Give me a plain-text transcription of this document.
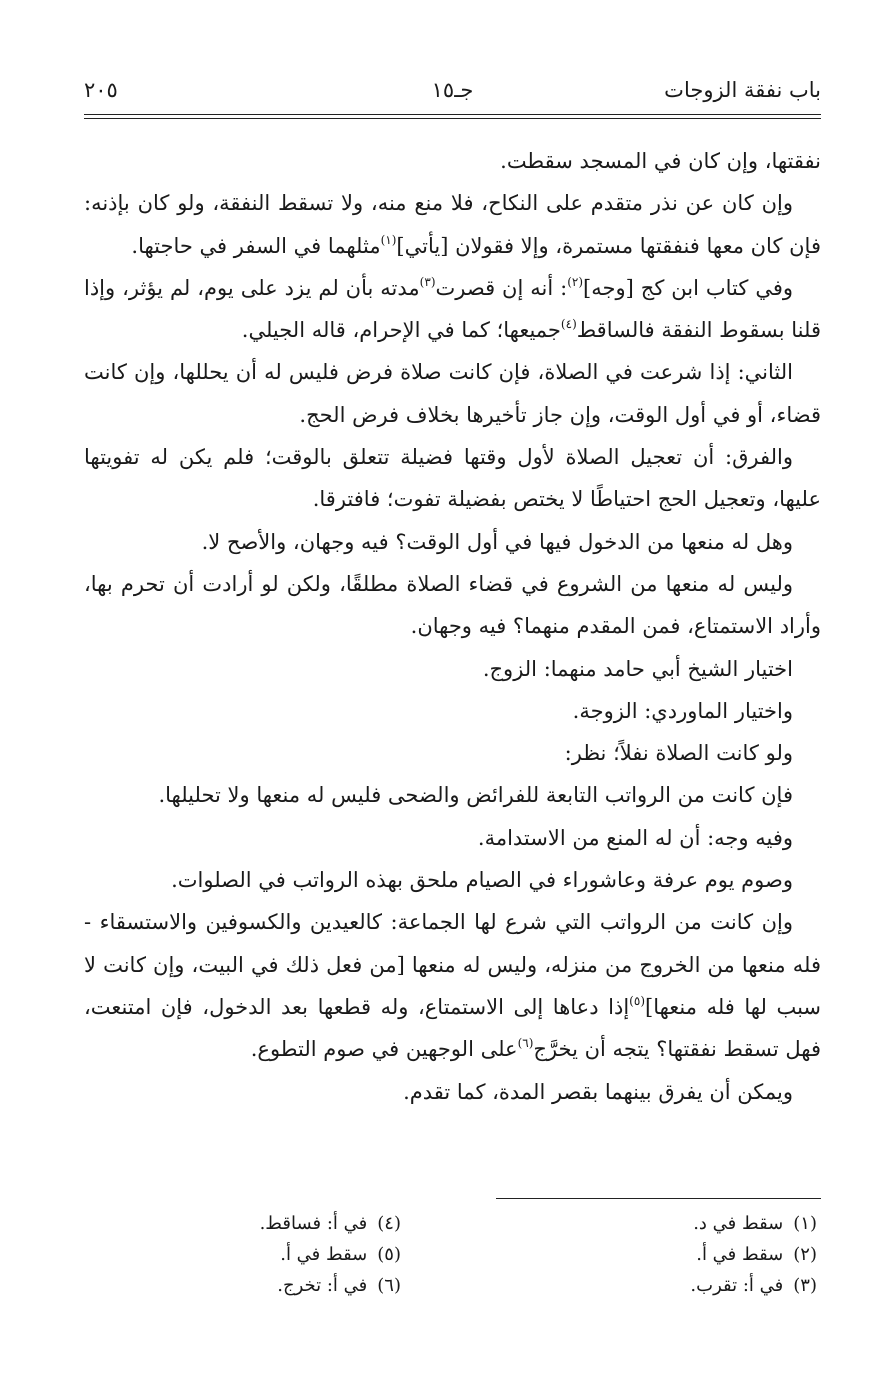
باب نفقة الزوجات
جـ١٥
٢٠٥

نفقتها، وإن كان في المسجد سقطت.

وإن كان عن نذر متقدم على النكاح، فلا منع منه، ولا تسقط النفقة، ولو كان بإذنه: فإن كان معها فنفقتها مستمرة، وإلا فقولان [يأتي]$^{(١)}$مثلهما في السفر في حاجتها.

وفي كتاب ابن كج [وجه]$^{(٢)}$: أنه إن قصرت$^{(٣)}$مدته بأن لم يزد على يوم، لم يؤثر، وإذا قلنا بسقوط النفقة فالساقط$^{(٤)}$جميعها؛ كما في الإحرام، قاله الجيلي.

الثاني: إذا شرعت في الصلاة، فإن كانت صلاة فرض فليس له أن يحللها، وإن كانت قضاء، أو في أول الوقت، وإن جاز تأخيرها بخلاف فرض الحج.

والفرق: أن تعجيل الصلاة لأول وقتها فضيلة تتعلق بالوقت؛ فلم يكن له تفويتها عليها، وتعجيل الحج احتياطًا لا يختص بفضيلة تفوت؛ فافترقا.

وهل له منعها من الدخول فيها في أول الوقت؟ فيه وجهان، والأصح لا.

وليس له منعها من الشروع في قضاء الصلاة مطلقًا، ولكن لو أرادت أن تحرم بها، وأراد الاستمتاع، فمن المقدم منهما؟ فيه وجهان.

اختيار الشيخ أبي حامد منهما: الزوج.

واختيار الماوردي: الزوجة.

ولو كانت الصلاة نفلاً؛ نظر:

فإن كانت من الرواتب التابعة للفرائض والضحى فليس له منعها ولا تحليلها.

وفيه وجه: أن له المنع من الاستدامة.

وصوم يوم عرفة وعاشوراء في الصيام ملحق بهذه الرواتب في الصلوات.

وإن كانت من الرواتب التي شرع لها الجماعة: كالعيدين والكسوفين والاستسقاء - فله منعها من الخروج من منزله، وليس له منعها [من فعل ذلك في البيت، وإن كانت لا سبب لها فله منعها]$^{(٥)}$إذا دعاها إلى الاستمتاع، وله قطعها بعد الدخول، فإن امتنعت، فهل تسقط نفقتها؟ يتجه أن يخرَّج$^{(٦)}$على الوجهين في صوم التطوع.

ويمكن أن يفرق بينهما بقصر المدة، كما تقدم.

(١)سقط في د.
(٢)سقط في أ.
(٣)في أ: تقرب.
(٤)في أ: فساقط.
(٥)سقط في أ.
(٦)في أ: تخرج.
